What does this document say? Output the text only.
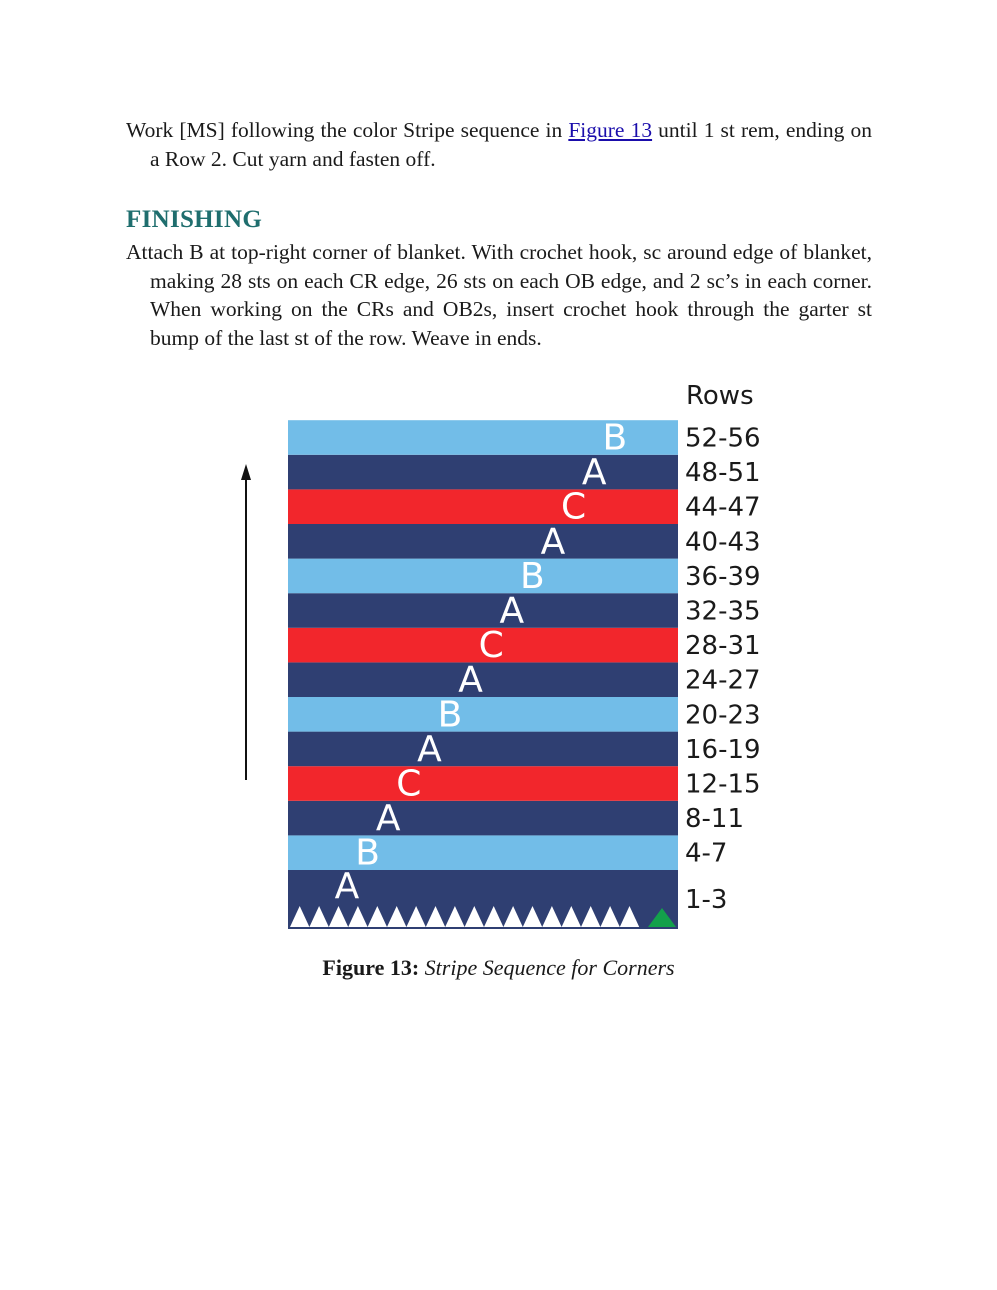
Work [MS] following the color Stripe sequence in Figure 13 until 1 st rem, ending on a Row 2. Cut yarn and fasten off.
FINISHING
Attach B at top-right corner of blanket. With crochet hook, sc around edge of blanket, making 28 sts on each CR edge, 26 sts on each OB edge, and 2 sc’s in each corner. When working on the CRs and OB2s, insert crochet hook through the garter st bump of the last st of the row. Weave in ends.
A
B
A
C
A
B
A
C
A
B
A
C
A
B
1-3
4-7
8-11
12-15
16-19
20-23
24-27
28-31
32-35
36-39
40-43
44-47
48-51
52-56
Rows
Figure 13: Stripe Sequence for Corners
